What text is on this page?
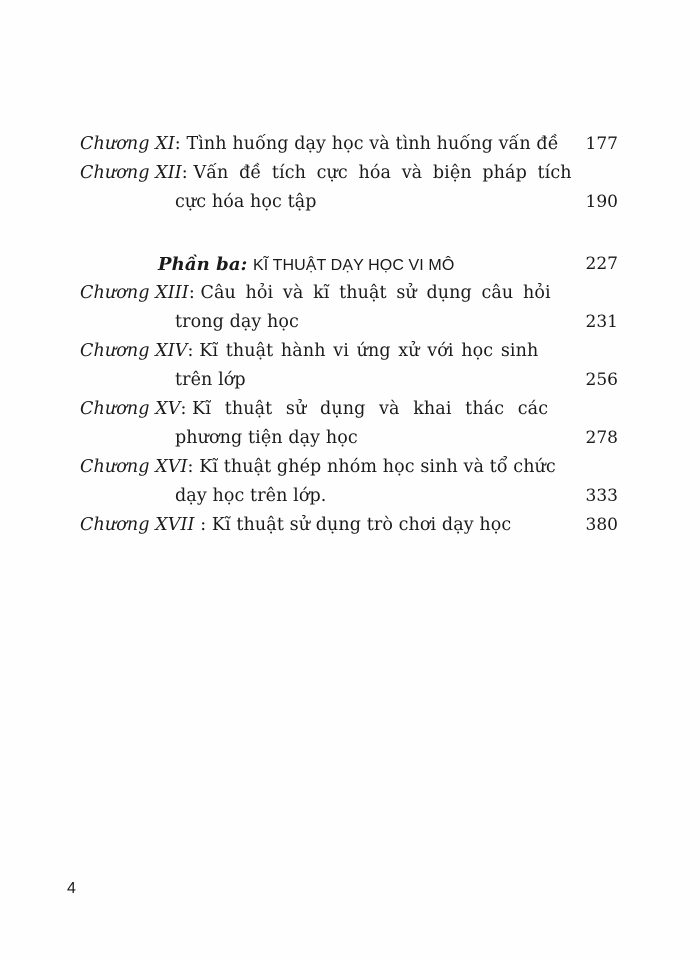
Chương XI: Tình huống dạy học và tình huống vấn đề 177
Chương XII: Vấn đề tích cực hóa và biện pháp tích
cực hóa học tập	190
Phần ba: KĨ THUẬT DẠY HỌC VI MÔ	227
Chương XIII: Câu hỏi và kĩ thuật sử dụng câu hỏi
trong dạy học	231
Chương XIV: Kĩ thuật hành vi ứng xử với học sinh
trên lớp	256
Chương XV: Kĩ thuật sử dụng và khai thác các
phương tiện dạy học	278
Chương XVI: Kĩ thuật ghép nhóm học sinh và tổ chức
dạy học trên lớp.	333
Chương XVII : Kĩ thuật sử dụng trò chơi dạy học	380
4
